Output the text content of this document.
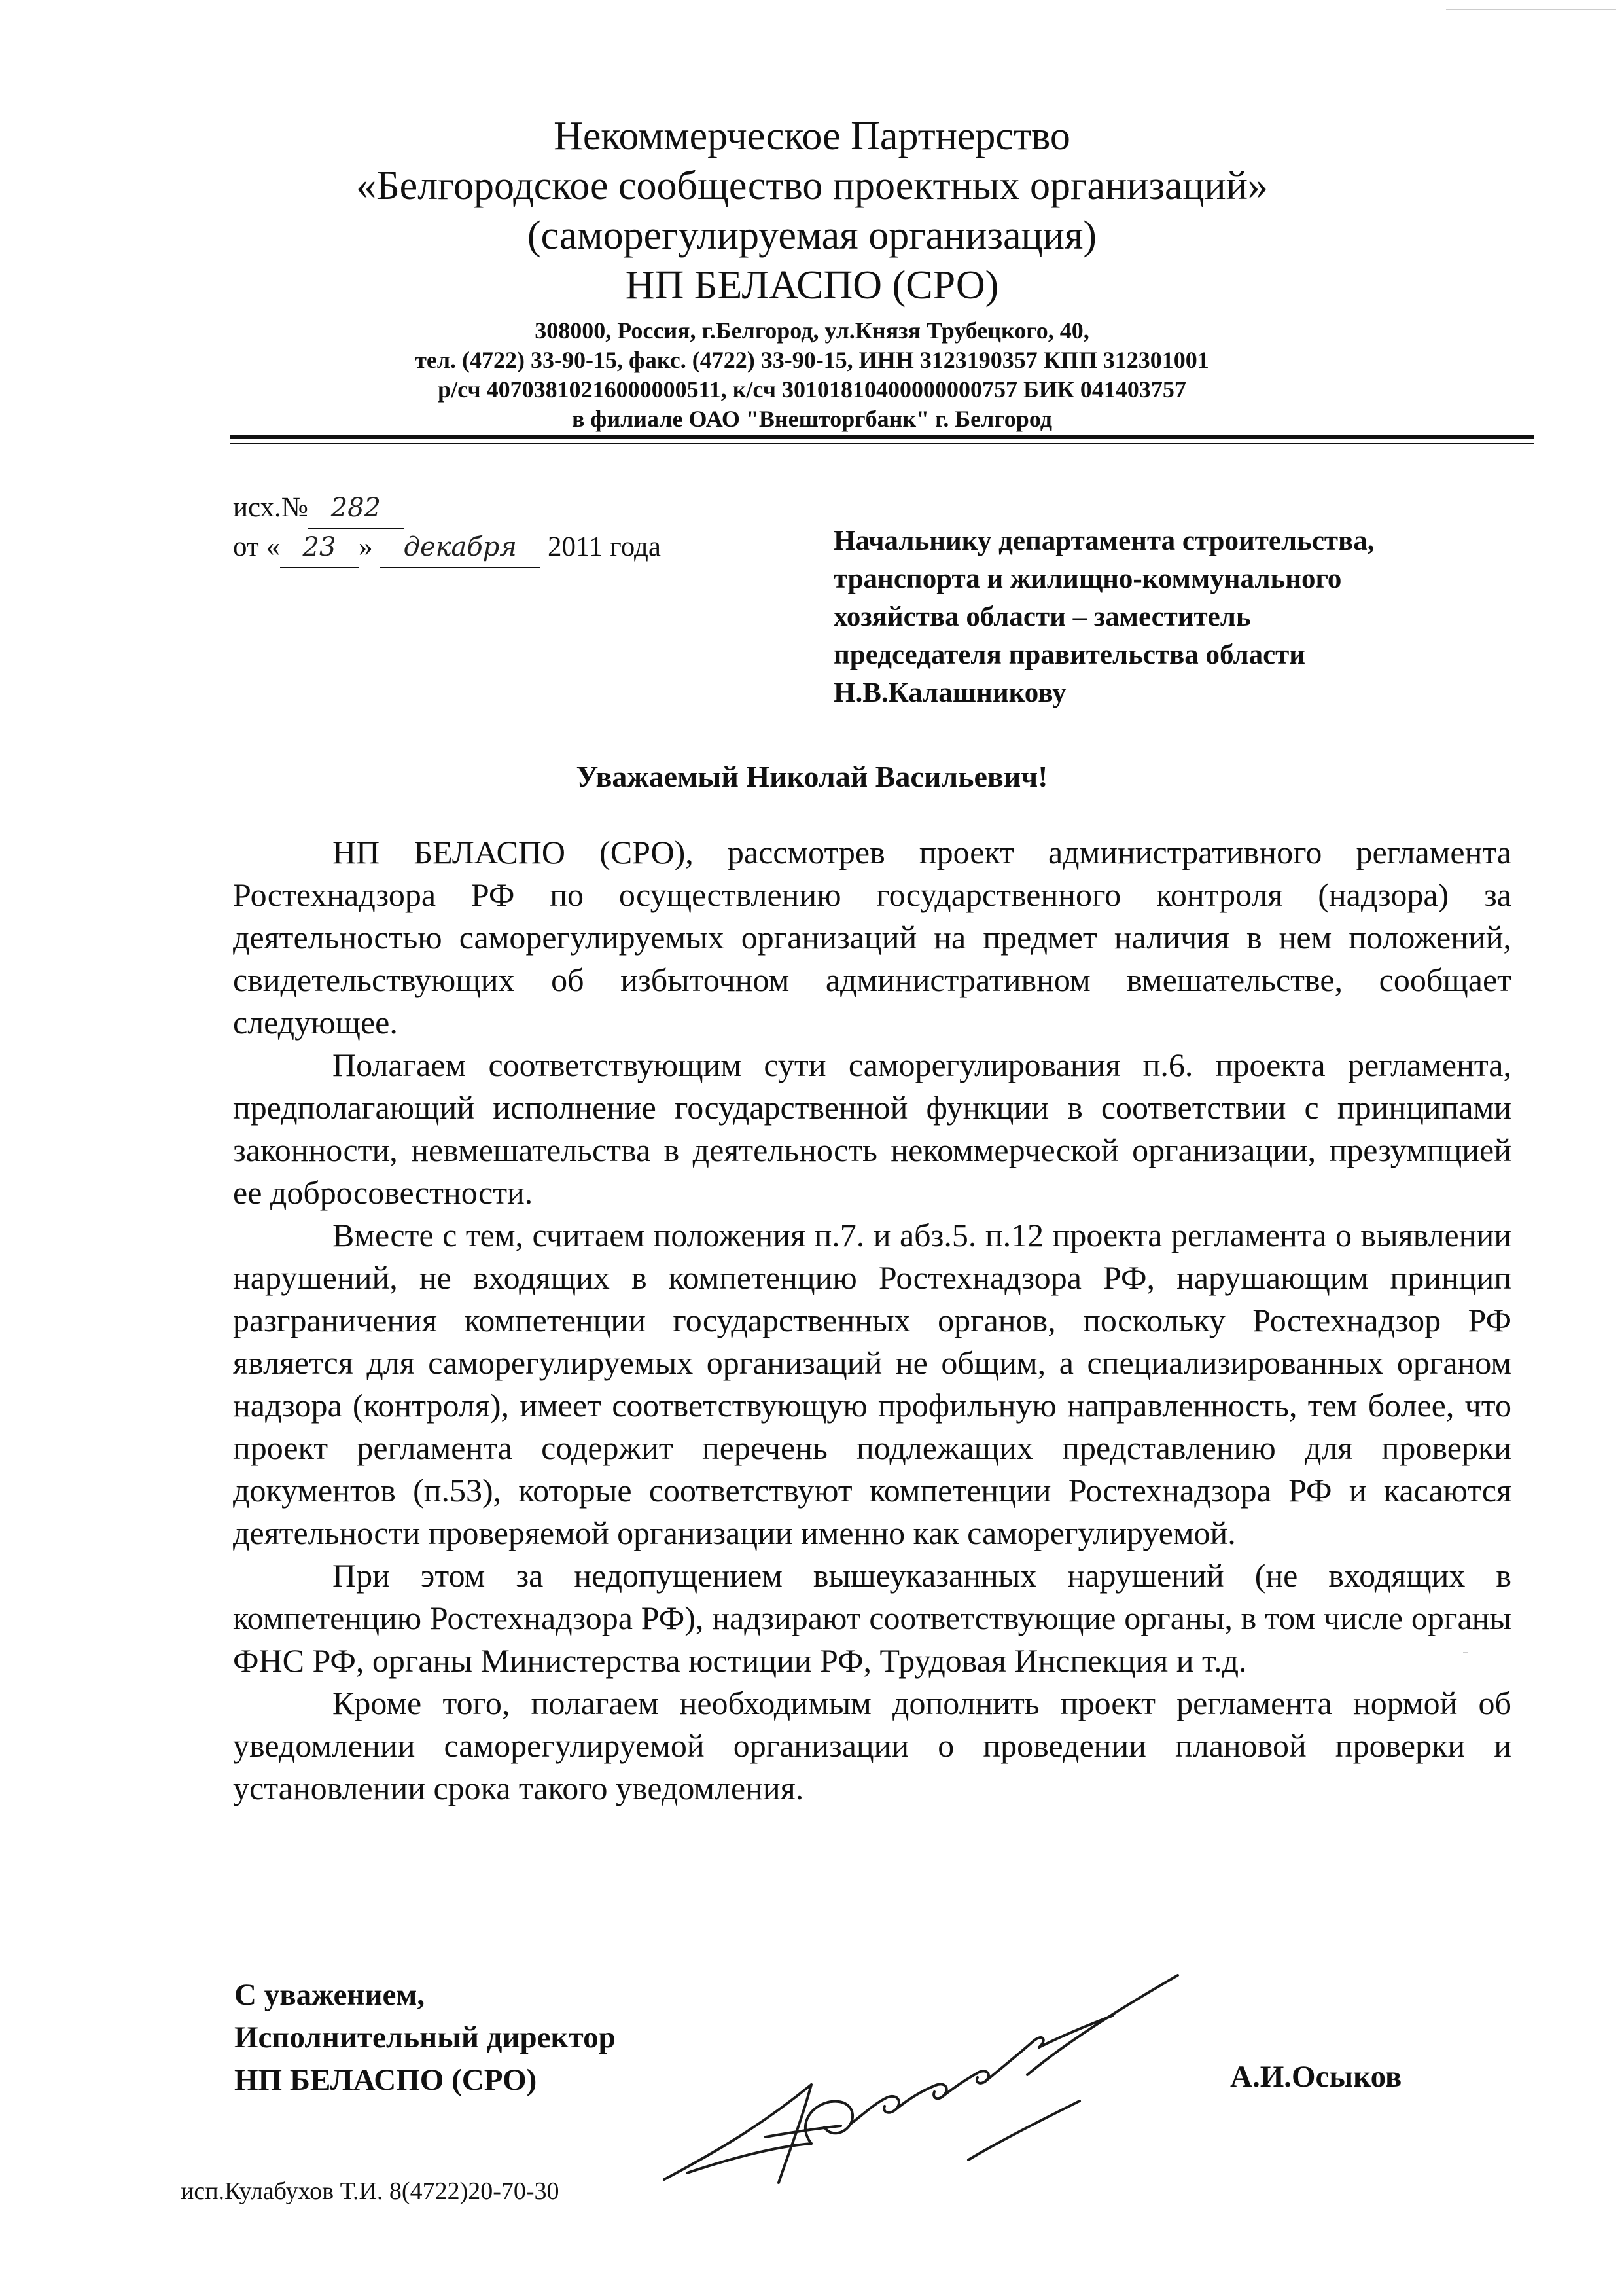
Некоммерческое Партнерство
«Белгородское сообщество проектных организаций»
(саморегулируемая организация)
НП БЕЛАСПО (СРО)
308000, Россия, г.Белгород, ул.Князя Трубецкого, 40,
тел. (4722) 33-90-15, факс. (4722) 33-90-15, ИНН 3123190357 КПП 312301001
р/сч 40703810216000000511, к/сч 30101810400000000757 БИК 041403757
в филиале ОАО "Внешторгбанк" г. Белгород
исх.№ 282
от « 23 » декабря 2011 года	Начальнику департамента строительства,
транспорта и жилищно-коммунального
хозяйства области – заместитель
председателя правительства области
Н.В.Калашникову
Уважаемый Николай Васильевич!

НП БЕЛАСПО (СРО), рассмотрев проект административного регламента Ростехнадзора РФ по осуществлению государственного контроля (надзора) за деятельностью саморегулируемых организаций на предмет наличия в нем положений, свидетельствующих об избыточном административном вмешательстве, сообщает следующее.

Полагаем соответствующим сути саморегулирования п.6. проекта регламента, предполагающий исполнение государственной функции в соответствии с принципами законности, невмешательства в деятельность некоммерческой организации, презумпцией ее добросовестности.

Вместе с тем, считаем положения п.7. и абз.5. п.12 проекта регламента о выявлении нарушений, не входящих в компетенцию Ростехнадзора РФ, нарушающим принцип разграничения компетенции государственных органов, поскольку Ростехнадзор РФ является для саморегулируемых организаций не общим, а специализированных органом надзора (контроля), имеет соответствующую профильную направленность, тем более, что проект регламента содержит перечень подлежащих представлению для проверки документов (п.53), которые соответствуют компетенции Ростехнадзора РФ и касаются деятельности проверяемой организации именно как саморегулируемой.

При этом за недопущением вышеуказанных нарушений (не входящих в компетенцию Ростехнадзора РФ), надзирают соответствующие органы, в том числе органы ФНС РФ, органы Министерства юстиции РФ, Трудовая Инспекция и т.д.

Кроме того, полагаем необходимым дополнить проект регламента нормой об уведомлении саморегулируемой организации о проведении плановой проверки и установлении срока такого уведомления.

С уважением,
Исполнительный директор
НП БЕЛАСПО (СРО)	А.И.Осыков
исп.Кулабухов Т.И. 8(4722)20-70-30
